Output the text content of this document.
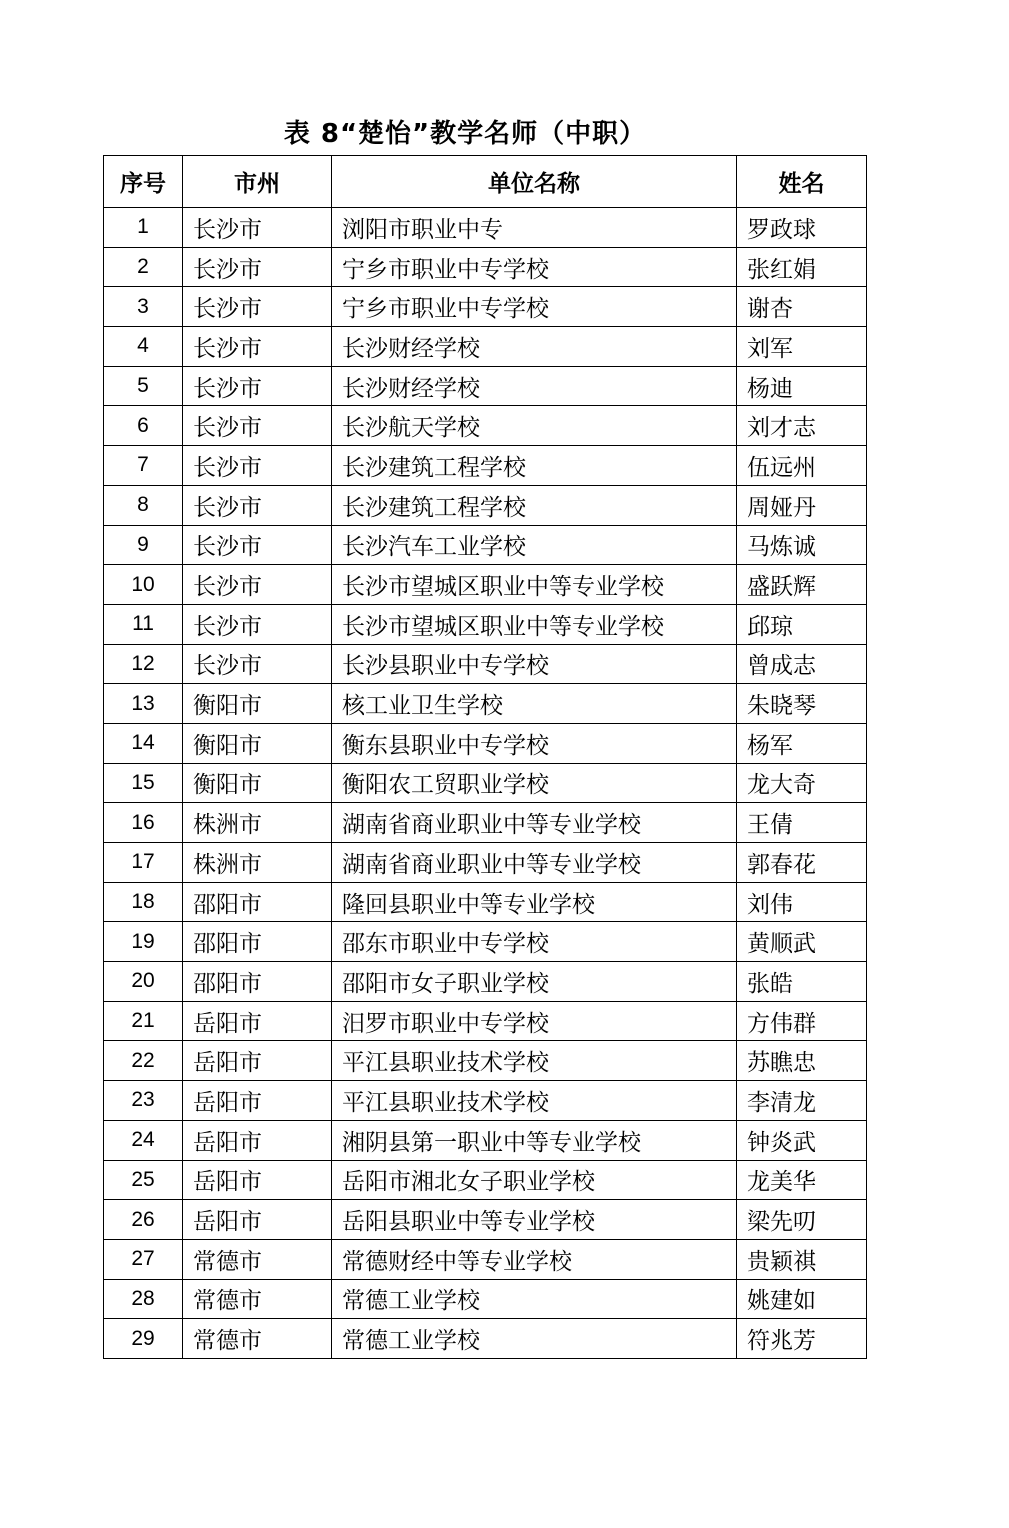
表 8“楚怡”教学名师（中职）
序号	市州	单位名称	姓名
1	长沙市	浏阳市职业中专	罗政球
2	长沙市	宁乡市职业中专学校	张红娟
3	长沙市	宁乡市职业中专学校	谢杏
4	长沙市	长沙财经学校	刘军
5	长沙市	长沙财经学校	杨迪
6	长沙市	长沙航天学校	刘才志
7	长沙市	长沙建筑工程学校	伍远州
8	长沙市	长沙建筑工程学校	周娅丹
9	长沙市	长沙汽车工业学校	马炼诚
10	长沙市	长沙市望城区职业中等专业学校	盛跃辉
11	长沙市	长沙市望城区职业中等专业学校	邱琼
12	长沙市	长沙县职业中专学校	曾成志
13	衡阳市	核工业卫生学校	朱晓琴
14	衡阳市	衡东县职业中专学校	杨军
15	衡阳市	衡阳农工贸职业学校	龙大奇
16	株洲市	湖南省商业职业中等专业学校	王倩
17	株洲市	湖南省商业职业中等专业学校	郭春花
18	邵阳市	隆回县职业中等专业学校	刘伟
19	邵阳市	邵东市职业中专学校	黄顺武
20	邵阳市	邵阳市女子职业学校	张皓
21	岳阳市	汨罗市职业中专学校	方伟群
22	岳阳市	平江县职业技术学校	苏瞧忠
23	岳阳市	平江县职业技术学校	李清龙
24	岳阳市	湘阴县第一职业中等专业学校	钟炎武
25	岳阳市	岳阳市湘北女子职业学校	龙美华
26	岳阳市	岳阳县职业中等专业学校	梁先叨
27	常德市	常德财经中等专业学校	贵颖祺
28	常德市	常德工业学校	姚建如
29	常德市	常德工业学校	符兆芳
